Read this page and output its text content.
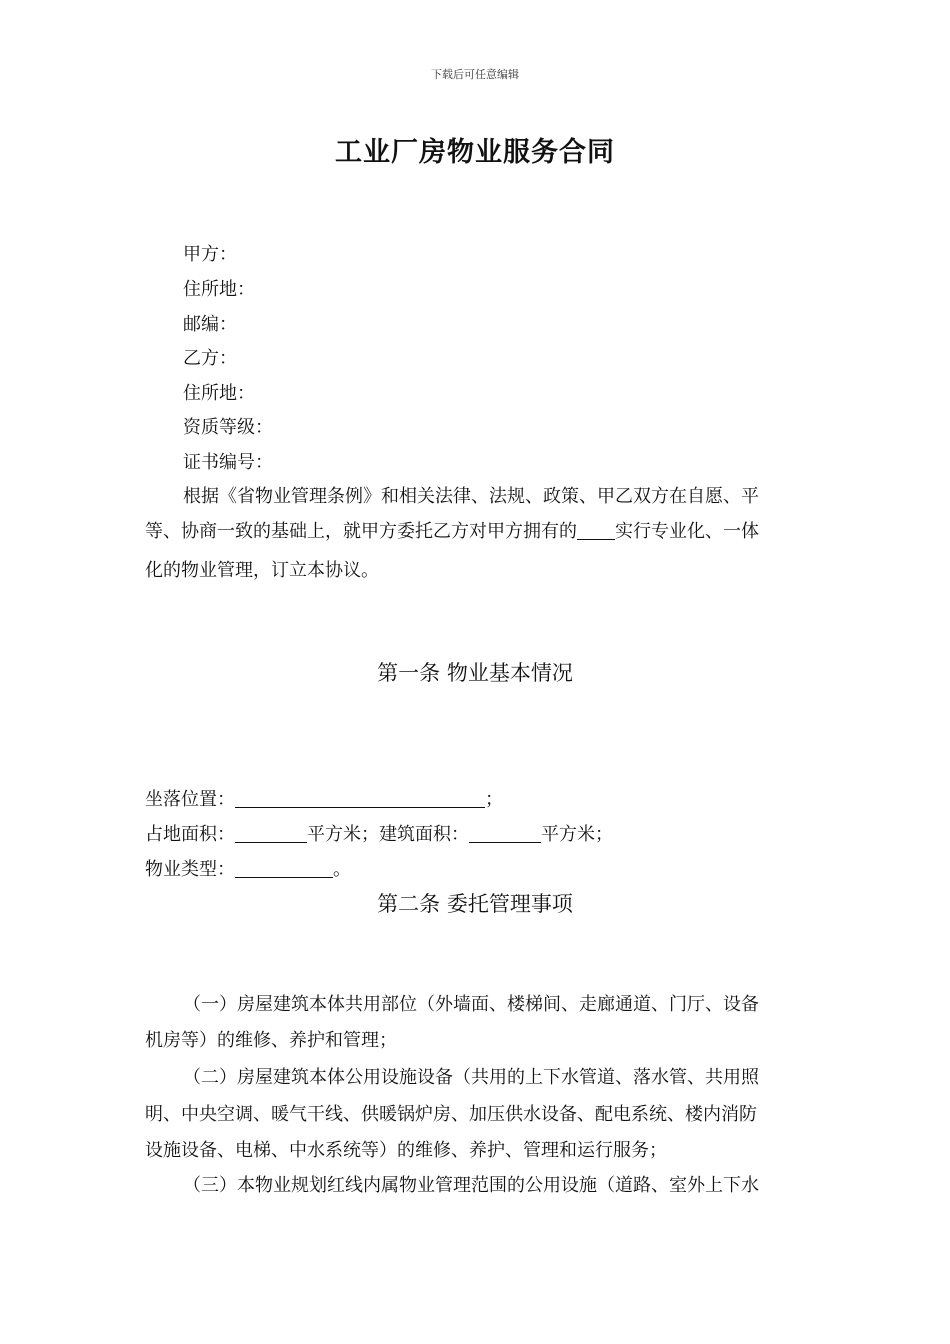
下载后可任意编辑
工业厂房物业服务合同
甲方：
住所地：
邮编：
乙方：
住所地：
资质等级：
证书编号：
根据《省物业管理条例》和相关法律、法规、政策、甲乙双方在自愿、平
等、协商一致的基础上，就甲方委托乙方对甲方拥有的 实行专业化、一体
化的物业管理，订立本协议。
第一条 物业基本情况
坐落位置：	；
占地面积：	平方米；建筑面积：	平方米；
物业类型：	。
第二条 委托管理事项
（一）房屋建筑本体共用部位（外墙面、楼梯间、走廊通道、门厅、设备
机房等）的维修、养护和管理；
（二）房屋建筑本体公用设施设备（共用的上下水管道、落水管、共用照
明、中央空调、暖气干线、供暖锅炉房、加压供水设备、配电系统、楼内消防
设施设备、电梯、中水系统等）的维修、养护、管理和运行服务；
（三）本物业规划红线内属物业管理范围的公用设施（道路、室外上下水
